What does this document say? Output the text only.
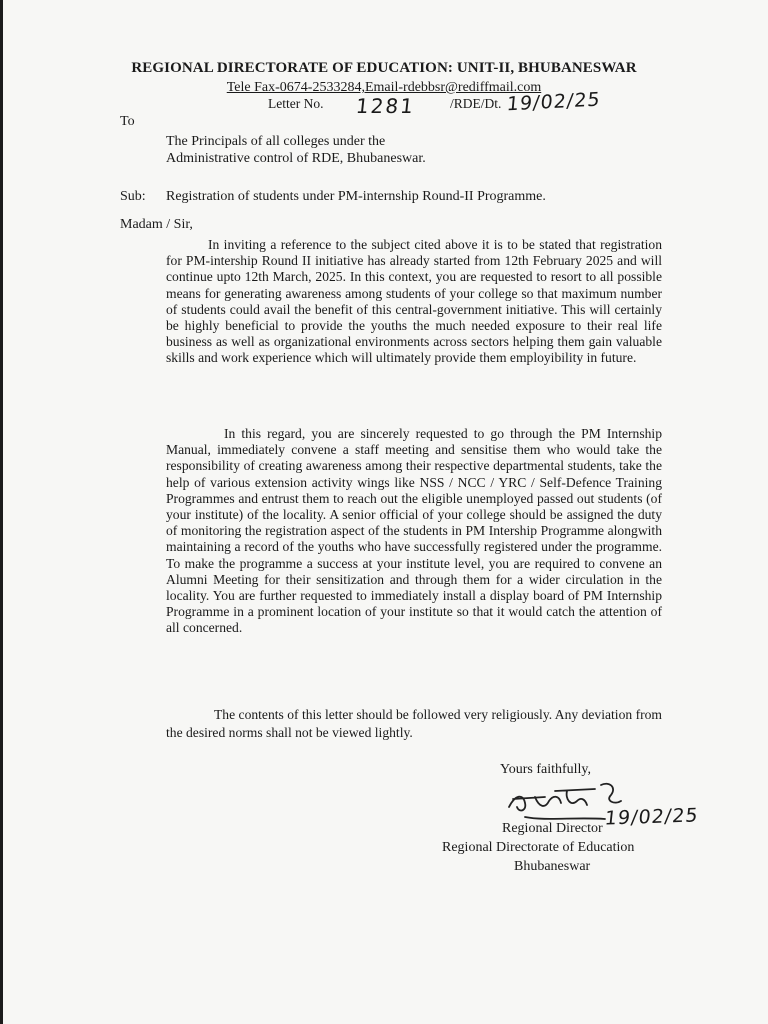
REGIONAL DIRECTORATE OF EDUCATION: UNIT-II, BHUBANESWAR
Tele Fax-0674-2533284,Email-rdebbsr@rediffmail.com
Letter No. 1281	/RDE/Dt. 19/02/25
To
The Principals of all colleges under the
Administrative control of RDE, Bhubaneswar.
Sub: Registration of students under PM-internship Round-II Programme.
Madam / Sir,
In inviting a reference to the subject cited above it is to be stated that registration for PM-intership Round II initiative has already started from 12th February 2025 and will continue upto 12th March, 2025. In this context, you are requested to resort to all possible means for generating awareness among students of your college so that maximum number of students could avail the benefit of this central-government initiative. This will certainly be highly beneficial to provide the youths the much needed exposure to their real life business as well as organizational environments across sectors helping them gain valuable skills and work experience which will ultimately provide them employibility in future.
In this regard, you are sincerely requested to go through the PM Internship Manual, immediately convene a staff meeting and sensitise them who would take the responsibility of creating awareness among their respective departmental students, take the help of various extension activity wings like NSS / NCC / YRC / Self-Defence Training Programmes and entrust them to reach out the eligible unemployed passed out students (of your institute) of the locality. A senior official of your college should be assigned the duty of monitoring the registration aspect of the students in PM Intership Programme alongwith maintaining a record of the youths who have successfully registered under the programme. To make the programme a success at your institute level, you are required to convene an Alumni Meeting for their sensitization and through them for a wider circulation in the locality. You are further requested to immediately install a display board of PM Internship Programme in a prominent location of your institute so that it would catch the attention of all concerned.
The contents of this letter should be followed very religiously. Any deviation from the desired norms shall not be viewed lightly.
Yours faithfully,
19/02/25
Regional Director
Regional Directorate of Education
Bhubaneswar
